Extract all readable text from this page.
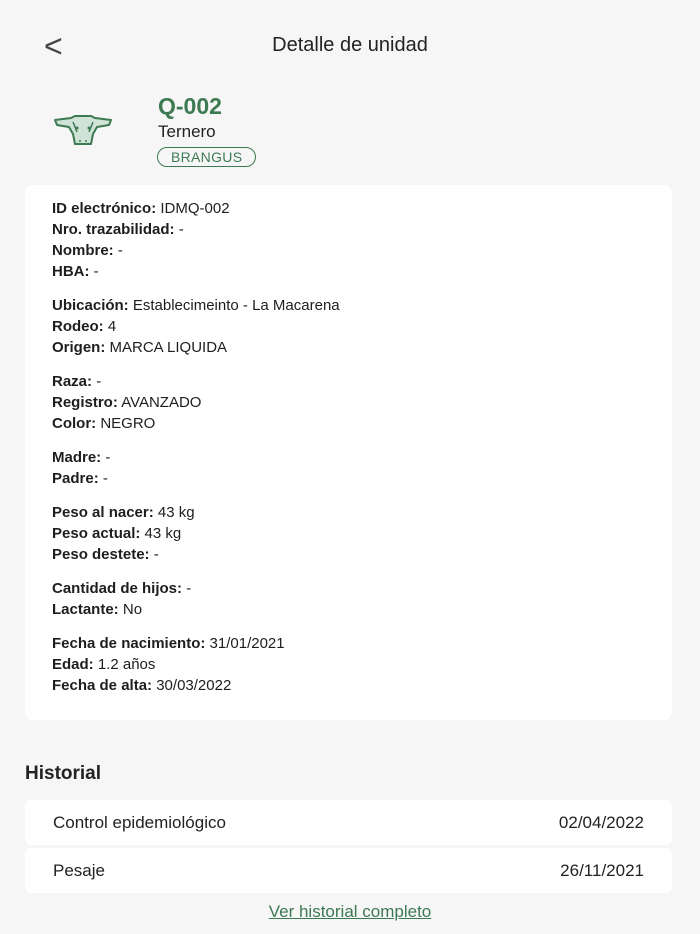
<	Detalle de unidad
Q-002
Ternero
BRANGUS
ID electrónico: IDMQ-002
Nro. trazabilidad: -
Nombre: -
HBA: -
Ubicación: Establecimeinto - La Macarena
Rodeo: 4
Origen: MARCA LIQUIDA
Raza: -
Registro: AVANZADO
Color: NEGRO
Madre: -
Padre: -
Peso al nacer: 43 kg
Peso actual: 43 kg
Peso destete: -
Cantidad de hijos: -
Lactante: No
Fecha de nacimiento: 31/01/2021
Edad: 1.2 años
Fecha de alta: 30/03/2022
Historial
Control epidemiológico	02/04/2022
Pesaje	26/11/2021
Ver historial completo
